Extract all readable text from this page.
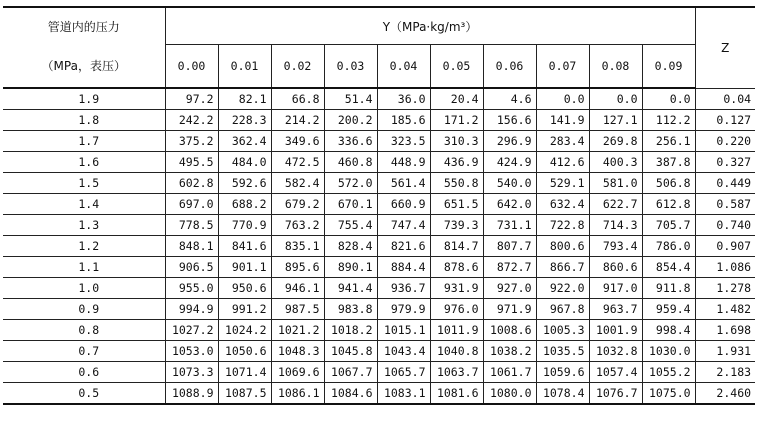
管道内的压力	Y（MPa·kg/m³）										Z
（MPa，表压）	0.00	0.01	0.02	0.03	0.04	0.05	0.06	0.07	0.08	0.09	
1.9	97.2	82.1	66.8	51.4	36.0	20.4	4.6	0.0	0.0	0.0	0.04
1.8	242.2	228.3	214.2	200.2	185.6	171.2	156.6	141.9	127.1	112.2	0.127
1.7	375.2	362.4	349.6	336.6	323.5	310.3	296.9	283.4	269.8	256.1	0.220
1.6	495.5	484.0	472.5	460.8	448.9	436.9	424.9	412.6	400.3	387.8	0.327
1.5	602.8	592.6	582.4	572.0	561.4	550.8	540.0	529.1	581.0	506.8	0.449
1.4	697.0	688.2	679.2	670.1	660.9	651.5	642.0	632.4	622.7	612.8	0.587
1.3	778.5	770.9	763.2	755.4	747.4	739.3	731.1	722.8	714.3	705.7	0.740
1.2	848.1	841.6	835.1	828.4	821.6	814.7	807.7	800.6	793.4	786.0	0.907
1.1	906.5	901.1	895.6	890.1	884.4	878.6	872.7	866.7	860.6	854.4	1.086
1.0	955.0	950.6	946.1	941.4	936.7	931.9	927.0	922.0	917.0	911.8	1.278
0.9	994.9	991.2	987.5	983.8	979.9	976.0	971.9	967.8	963.7	959.4	1.482
0.8	1027.2	1024.2	1021.2	1018.2	1015.1	1011.9	1008.6	1005.3	1001.9	998.4	1.698
0.7	1053.0	1050.6	1048.3	1045.8	1043.4	1040.8	1038.2	1035.5	1032.8	1030.0	1.931
0.6	1073.3	1071.4	1069.6	1067.7	1065.7	1063.7	1061.7	1059.6	1057.4	1055.2	2.183
0.5	1088.9	1087.5	1086.1	1084.6	1083.1	1081.6	1080.0	1078.4	1076.7	1075.0	2.460
